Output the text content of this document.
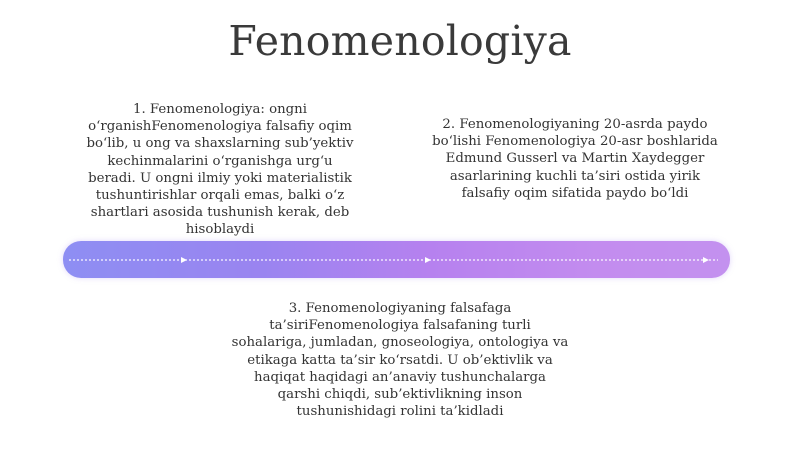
Fenomenologiya
1. Fenomenologiya: ongni
o‘rganishFenomenologiya falsafiy oqim
bo‘lib, u ong va shaxslarning sub’yektiv
kechinmalarini o‘rganishga urg‘u
beradi. U ongni ilmiy yoki materialistik
tushuntirishlar orqali emas, balki o‘z
shartlari asosida tushunish kerak, deb
hisoblaydi
2. Fenomenologiyaning 20-asrda paydo
bo‘lishi Fenomenologiya 20-asr boshlarida
Edmund Gusserl va Martin Xaydegger
asarlarining kuchli ta’siri ostida yirik
falsafiy oqim sifatida paydo bo‘ldi
3. Fenomenologiyaning falsafaga
ta’siriFenomenologiya falsafaning turli
sohalariga, jumladan, gnoseologiya, ontologiya va
etikaga katta ta’sir ko‘rsatdi. U ob’ektivlik va
haqiqat haqidagi an’anaviy tushunchalarga
qarshi chiqdi, sub’ektivlikning inson
tushunishidagi rolini ta’kidladi
